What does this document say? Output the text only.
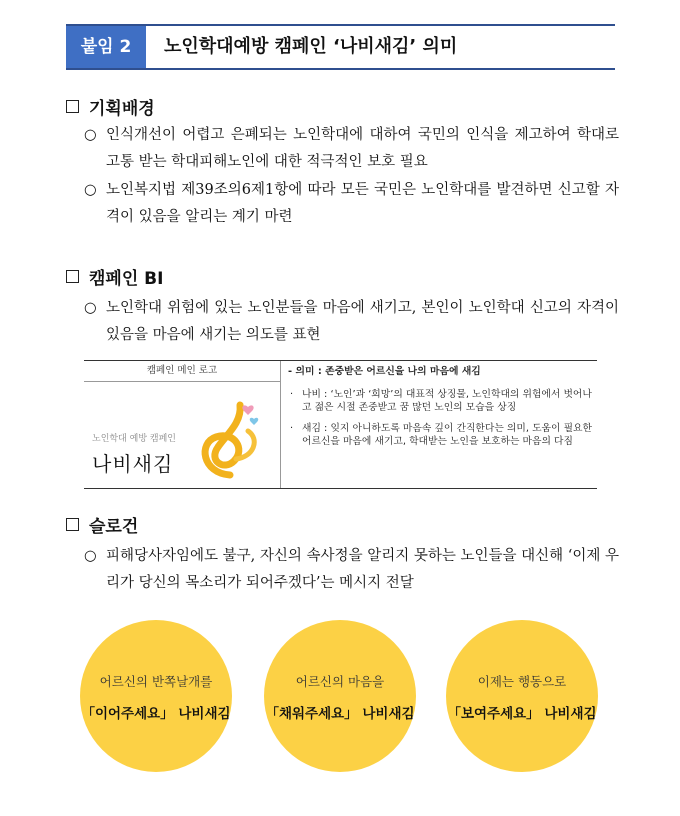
붙임 2	노인학대예방 캠페인 ‘나비새김’ 의미
기획배경
○ 인식개선이 어렵고 은폐되는 노인학대에 대하여 국민의 인식을 제고하여 학대로 고통 받는 학대피해노인에 대한 적극적인 보호 필요
○ 노인복지법 제39조의6제1항에 따라 모든 국민은 노인학대를 발견하면 신고할 자격이 있음을 알리는 계기 마련
캠페인 BI
○ 노인학대 위험에 있는 노인분들을 마음에 새기고, 본인이 노인학대 신고의 자격이 있음을 마음에 새기는 의도를 표현
캠페인 메인 로고
노인학대 예방 캠페인
나비새김
- 의미 : 존중받은 어르신을 나의 마음에 새김
· 나비 : ‘노인’과 ‘희망’의 대표적 상징물, 노인학대의 위험에서 벗어나고 젊은 시절 존중받고 꿈 많던 노인의 모습을 상징
· 새김 : 잊지 아니하도록 마음속 깊이 간직한다는 의미, 도움이 필요한 어르신을 마음에 새기고, 학대받는 노인을 보호하는 마음의 다짐
슬로건
○ 피해당사자임에도 불구, 자신의 속사정을 알리지 못하는 노인들을 대신해 ‘이제 우리가 당신의 목소리가 되어주겠다’는 메시지 전달
어르신의 반쪽날개를
「이어주세요」 나비새김
어르신의 마음을
「채워주세요」 나비새김
이제는 행동으로
「보여주세요」 나비새김
